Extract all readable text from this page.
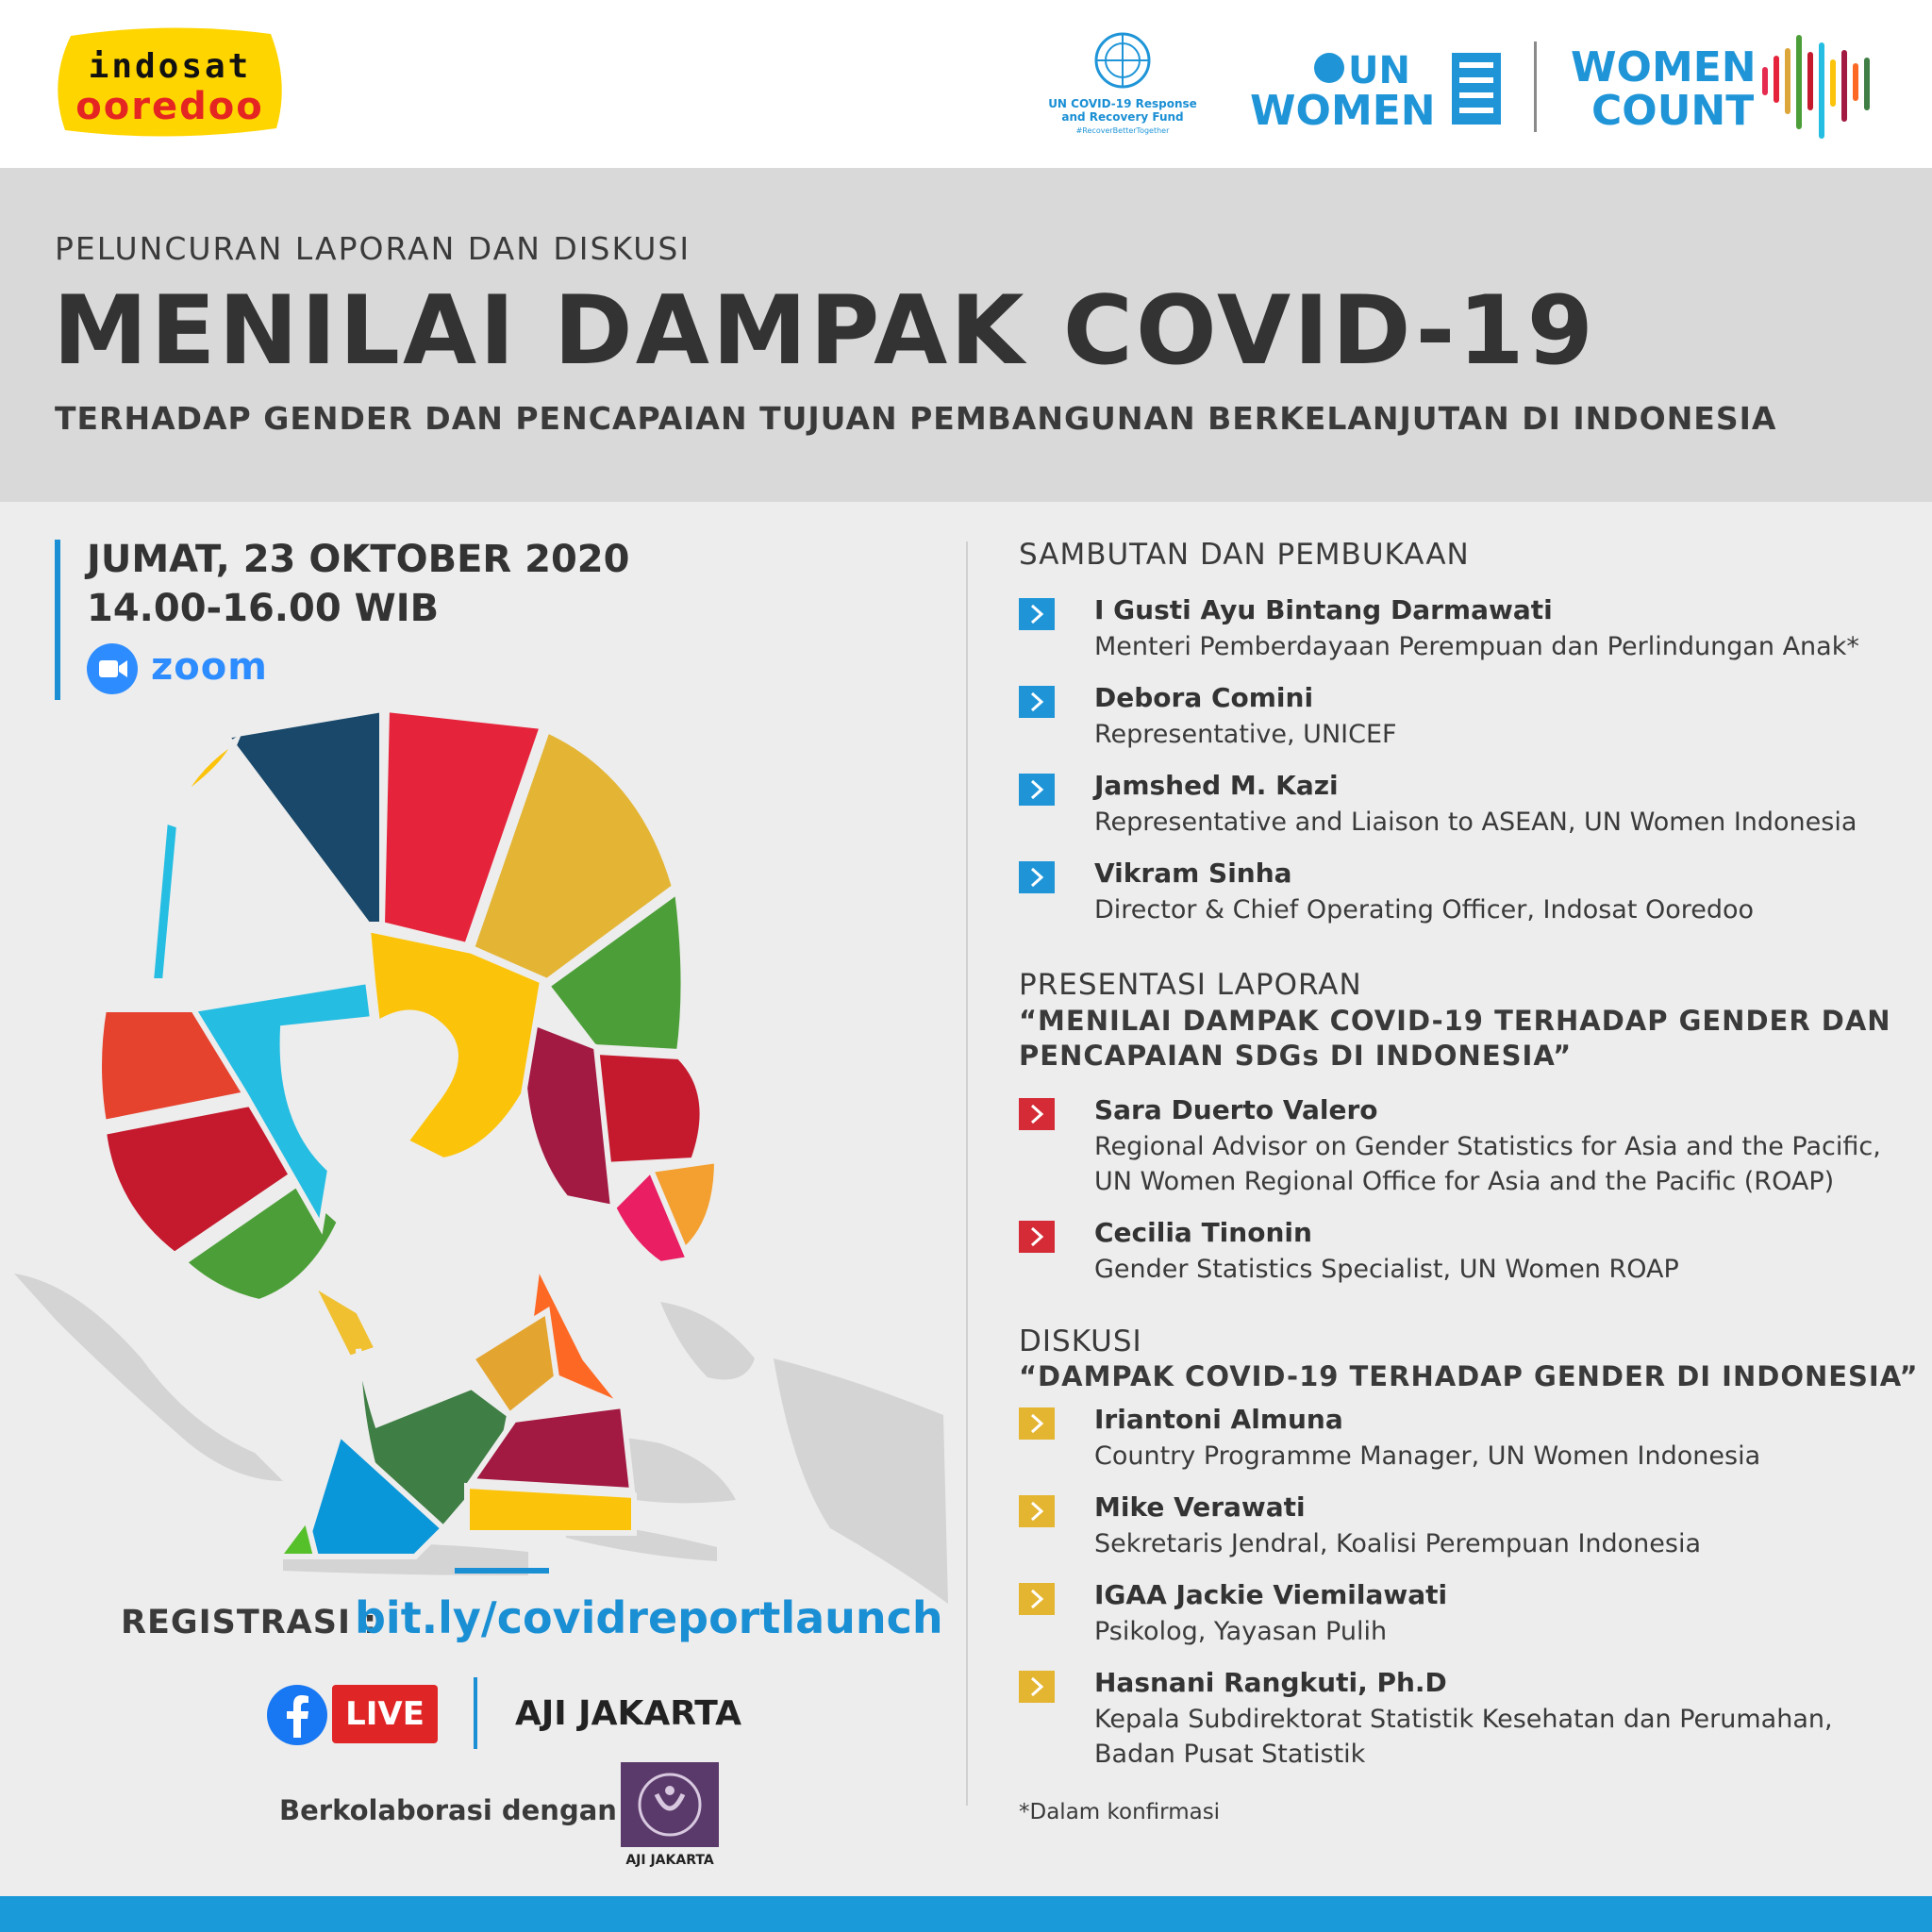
indosat
ooredoo	UN COVID-19 Response
and Recovery Fund
#RecoverBetterTogether
UN
WOMEN
WOMEN
COUNT
PELUNCURAN LAPORAN DAN DISKUSI
MENILAI DAMPAK COVID-19
TERHADAP GENDER DAN PENCAPAIAN TUJUAN PEMBANGUNAN BERKELANJUTAN DI INDONESIA
JUMAT, 23 OKTOBER 2020
14.00-16.00 WIB
zoom
REGISTRASI :
bit.ly/covidreportlaunch
LIVE	AJI JAKARTA
Berkolaborasi dengan
AJI JAKARTA
SAMBUTAN DAN PEMBUKAAN
I Gusti Ayu Bintang Darmawati
Menteri Pemberdayaan Perempuan dan Perlindungan Anak*
Debora Comini
Representative, UNICEF
Jamshed M. Kazi
Representative and Liaison to ASEAN, UN Women Indonesia
Vikram Sinha
Director & Chief Operating Officer, Indosat Ooredoo
PRESENTASI LAPORAN
“MENILAI DAMPAK COVID-19 TERHADAP GENDER DAN
PENCAPAIAN SDGs DI INDONESIA”
Sara Duerto Valero
Regional Advisor on Gender Statistics for Asia and the Pacific,
UN Women Regional Office for Asia and the Pacific (ROAP)
Cecilia Tinonin
Gender Statistics Specialist, UN Women ROAP
DISKUSI
“DAMPAK COVID-19 TERHADAP GENDER DI INDONESIA”
Iriantoni Almuna
Country Programme Manager, UN Women Indonesia
Mike Verawati
Sekretaris Jendral, Koalisi Perempuan Indonesia
IGAA Jackie Viemilawati
Psikolog, Yayasan Pulih
Hasnani Rangkuti, Ph.D
Kepala Subdirektorat Statistik Kesehatan dan Perumahan,
Badan Pusat Statistik
*Dalam konfirmasi
